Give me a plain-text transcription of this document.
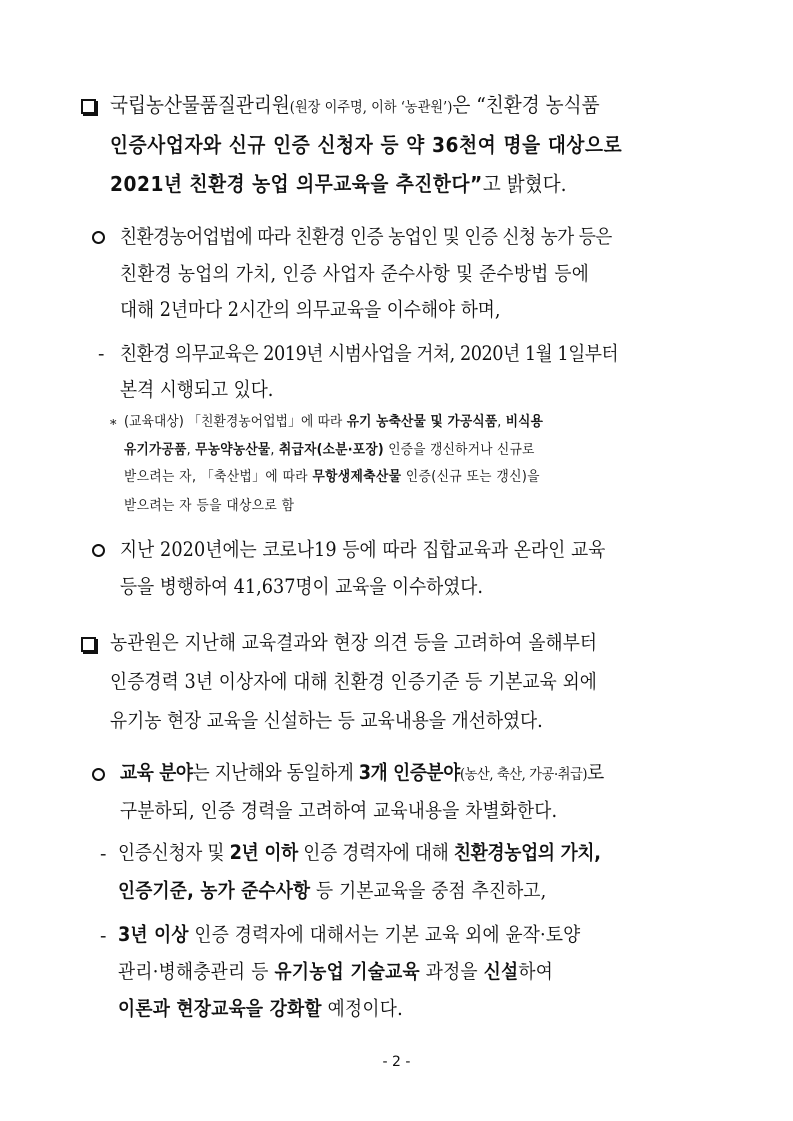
국립농산물품질관리원(원장 이주명, 이하 ‘농관원’)은 “친환경 농식품
인증사업자와 신규 인증 신청자 등 약 36천여 명을 대상으로
2021년 친환경 농업 의무교육을 추진한다”고 밝혔다.
친환경농어업법에 따라 친환경 인증 농업인 및 인증 신청 농가 등은
친환경 농업의 가치, 인증 사업자 준수사항 및 준수방법 등에
대해 2년마다 2시간의 의무교육을 이수해야 하며,
- 친환경 의무교육은 2019년 시범사업을 거쳐, 2020년 1월 1일부터
본격 시행되고 있다.
* (교육대상) 「친환경농어업법」에 따라 유기 농축산물 및 가공식품, 비식용
유기가공품, 무농약농산물, 취급자(소분·포장) 인증을 갱신하거나 신규로
받으려는 자, 「축산법」에 따라 무항생제축산물 인증(신규 또는 갱신)을
받으려는 자 등을 대상으로 함
지난 2020년에는 코로나19 등에 따라 집합교육과 온라인 교육
등을 병행하여 41,637명이 교육을 이수하였다.
농관원은 지난해 교육결과와 현장 의견 등을 고려하여 올해부터
인증경력 3년 이상자에 대해 친환경 인증기준 등 기본교육 외에
유기농 현장 교육을 신설하는 등 교육내용을 개선하였다.
교육 분야는 지난해와 동일하게 3개 인증분야(농산, 축산, 가공·취급)로
구분하되, 인증 경력을 고려하여 교육내용을 차별화한다.
- 인증신청자 및 2년 이하 인증 경력자에 대해 친환경농업의 가치,
인증기준, 농가 준수사항 등 기본교육을 중점 추진하고,
- 3년 이상 인증 경력자에 대해서는 기본 교육 외에 윤작·토양
관리·병해충관리 등 유기농업 기술교육 과정을 신설하여
이론과 현장교육을 강화할 예정이다.
- 2 -
